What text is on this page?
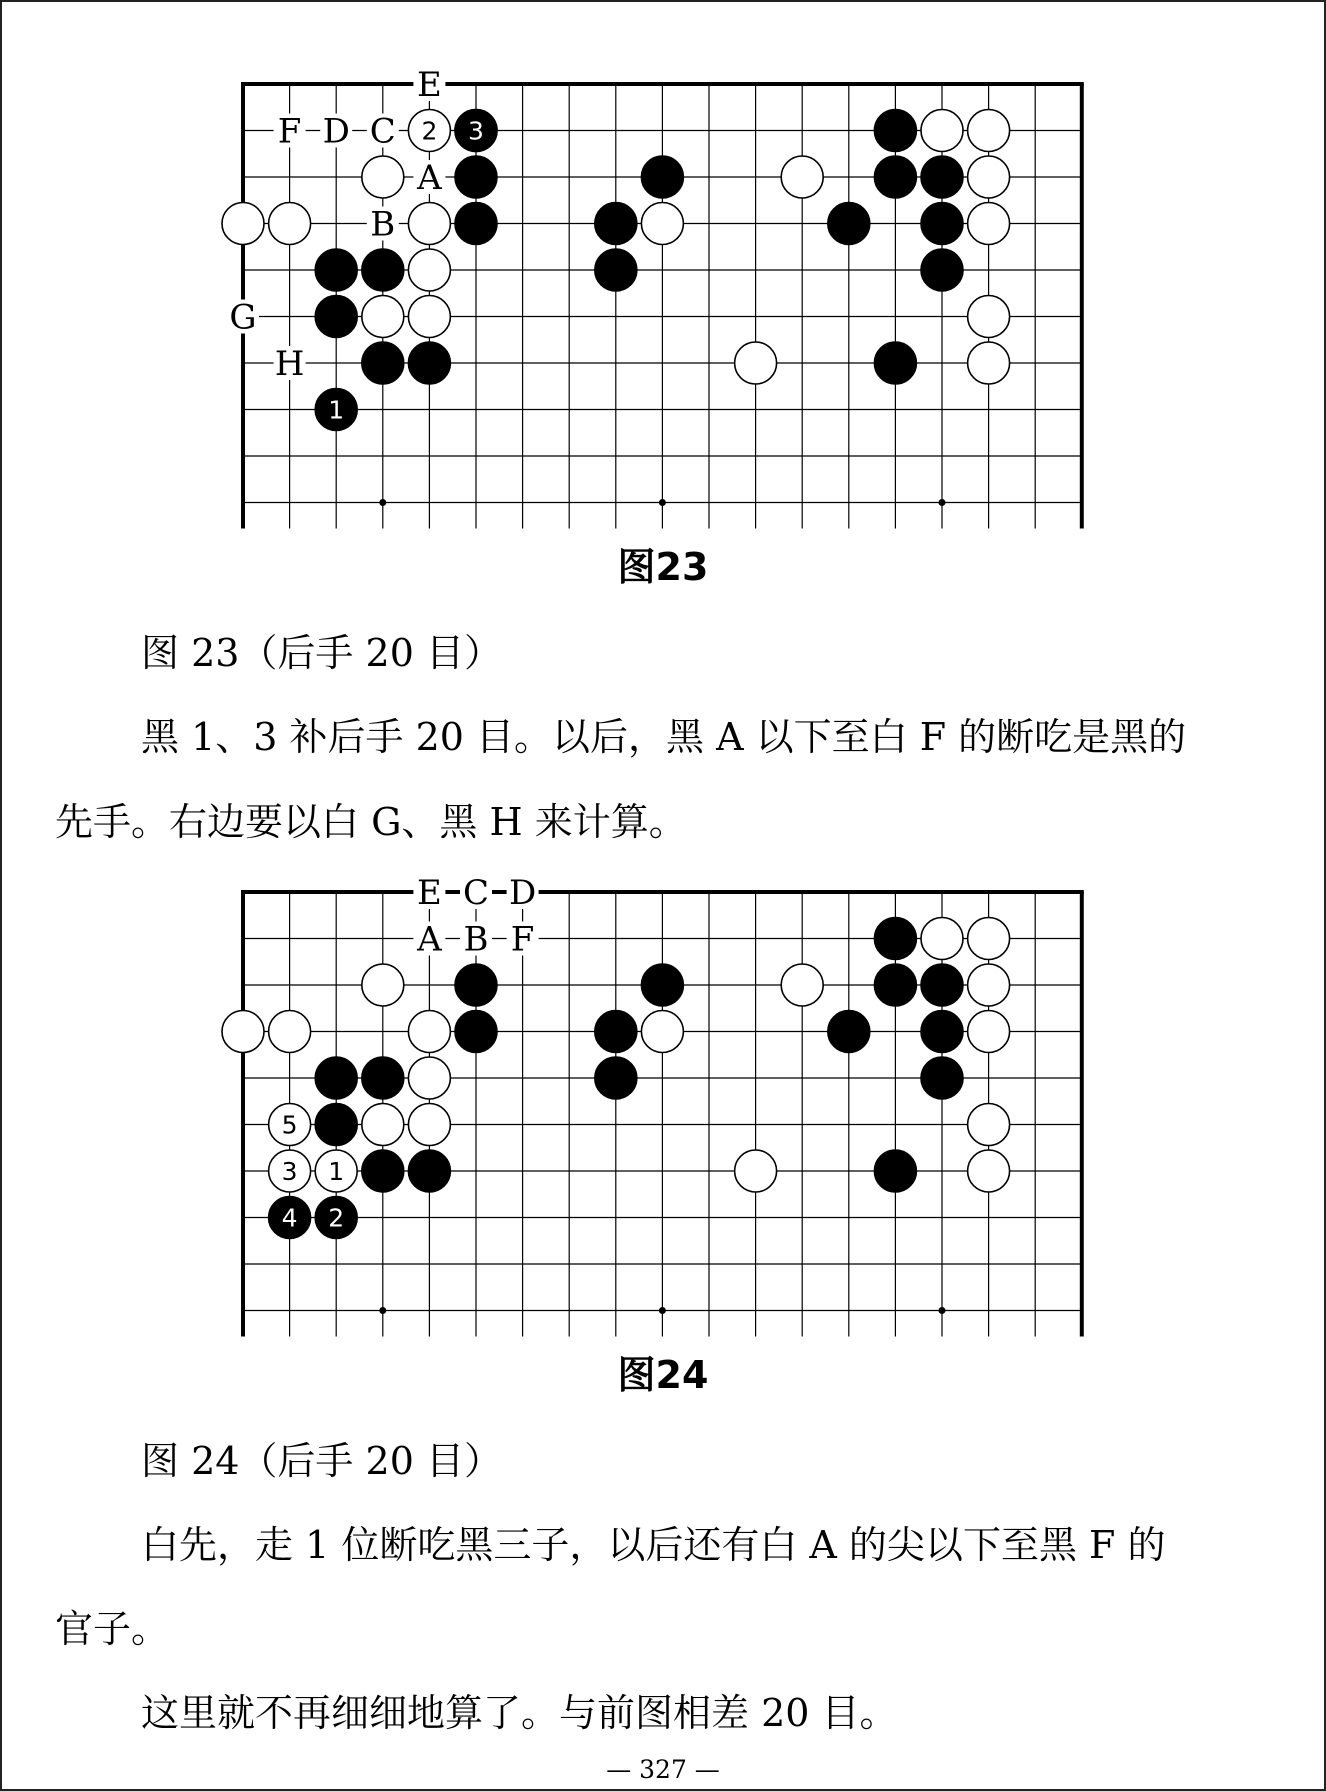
1
2 3
E
F D C
A
B
G
H
图23
图 23（后手 20 目）
黑 1、3 补后手 20 目。以后，黑 A 以下至白 F 的断吃是黑的
先手。右边要以白 G、黑 H 来计算。
1
2
3
4
5
E C D
A B F
图24
图 24（后手 20 目）
白先，走 1 位断吃黑三子，以后还有白 A 的尖以下至黑 F 的
官子。
这里就不再细细地算了。与前图相差 20 目。
— 327 —
